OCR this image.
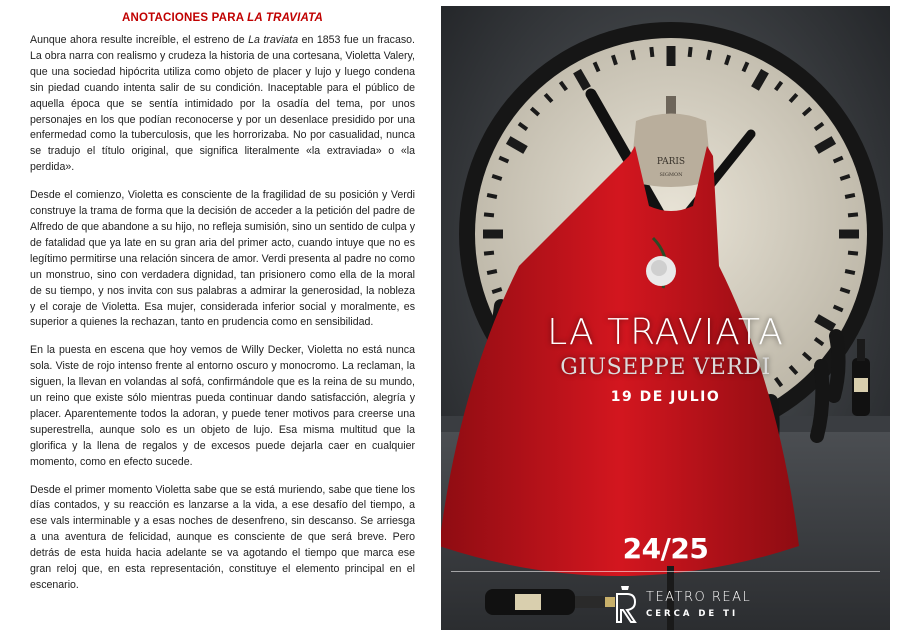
ANOTACIONES PARA LA TRAVIATA

Aunque ahora resulte increíble, el estreno de La traviata en 1853 fue un fracaso. La obra narra con realismo y crudeza la historia de una cortesana, Violetta Valery, que una sociedad hipócrita utiliza como objeto de placer y lujo y luego condena sin piedad cuando intenta salir de su condición. Inaceptable para el público de aquella época que se sentía intimidado por la osadía del tema, por unos personajes en los que podían reconocerse y por un desenlace presidido por una enfermedad como la tuberculosis, que les horrorizaba. No por casualidad, nunca se tradujo el título original, que significa literalmente «la extraviada» o «la perdida».

Desde el comienzo, Violetta es consciente de la fragilidad de su posición y Verdi construye la trama de forma que la decisión de acceder a la petición del padre de Alfredo de que abandone a su hijo, no refleja sumisión, sino un sentido de culpa y de fatalidad que ya late en su gran aria del primer acto, cuando intuye que no es legítimo permitirse una relación sincera de amor. Verdi presenta al padre no como un monstruo, sino con verdadera dignidad, tan prisionero como ella de la moral de su tiempo, y nos invita con sus palabras a admirar la generosidad, la nobleza y el coraje de Violetta. Esa mujer, considerada inferior social y moralmente, es superior a quienes la rechazan, tanto en prudencia como en sensibilidad.

En la puesta en escena que hoy vemos de Willy Decker, Violetta no está nunca sola. Viste de rojo intenso frente al entorno oscuro y monocromo. La reclaman, la siguen, la llevan en volandas al sofá, confirmándole que es la reina de su mundo, un reino que existe sólo mientras pueda continuar dando satisfacción, alegría y placer. Aparentemente todos la adoran, y puede tener motivos para creerse una superestrella, aunque solo es un objeto de lujo. Esa misma multitud que la glorifica y la llena de regalos y de excesos puede dejarla caer en cualquier momento, como en efecto sucede.

Desde el primer momento Violetta sabe que se está muriendo, sabe que tiene los días contados, y su reacción es lanzarse a la vida, a ese desafío del tiempo, a ese vals interminable y a esas noches de desenfreno, sin descanso. Se arriesga a una aventura de felicidad, aunque es consciente de que será breve. Pero detrás de esta huida hacia adelante se va agotando el tiempo que marca ese gran reloj que, en esta representación, constituye el elemento principal en el escenario.

PARIS
SIGMON
LA TRAVIATA
GIUSEPPE VERDI
19 DE JULIO
24/25
TEATRO REAL
CERCA DE TI
